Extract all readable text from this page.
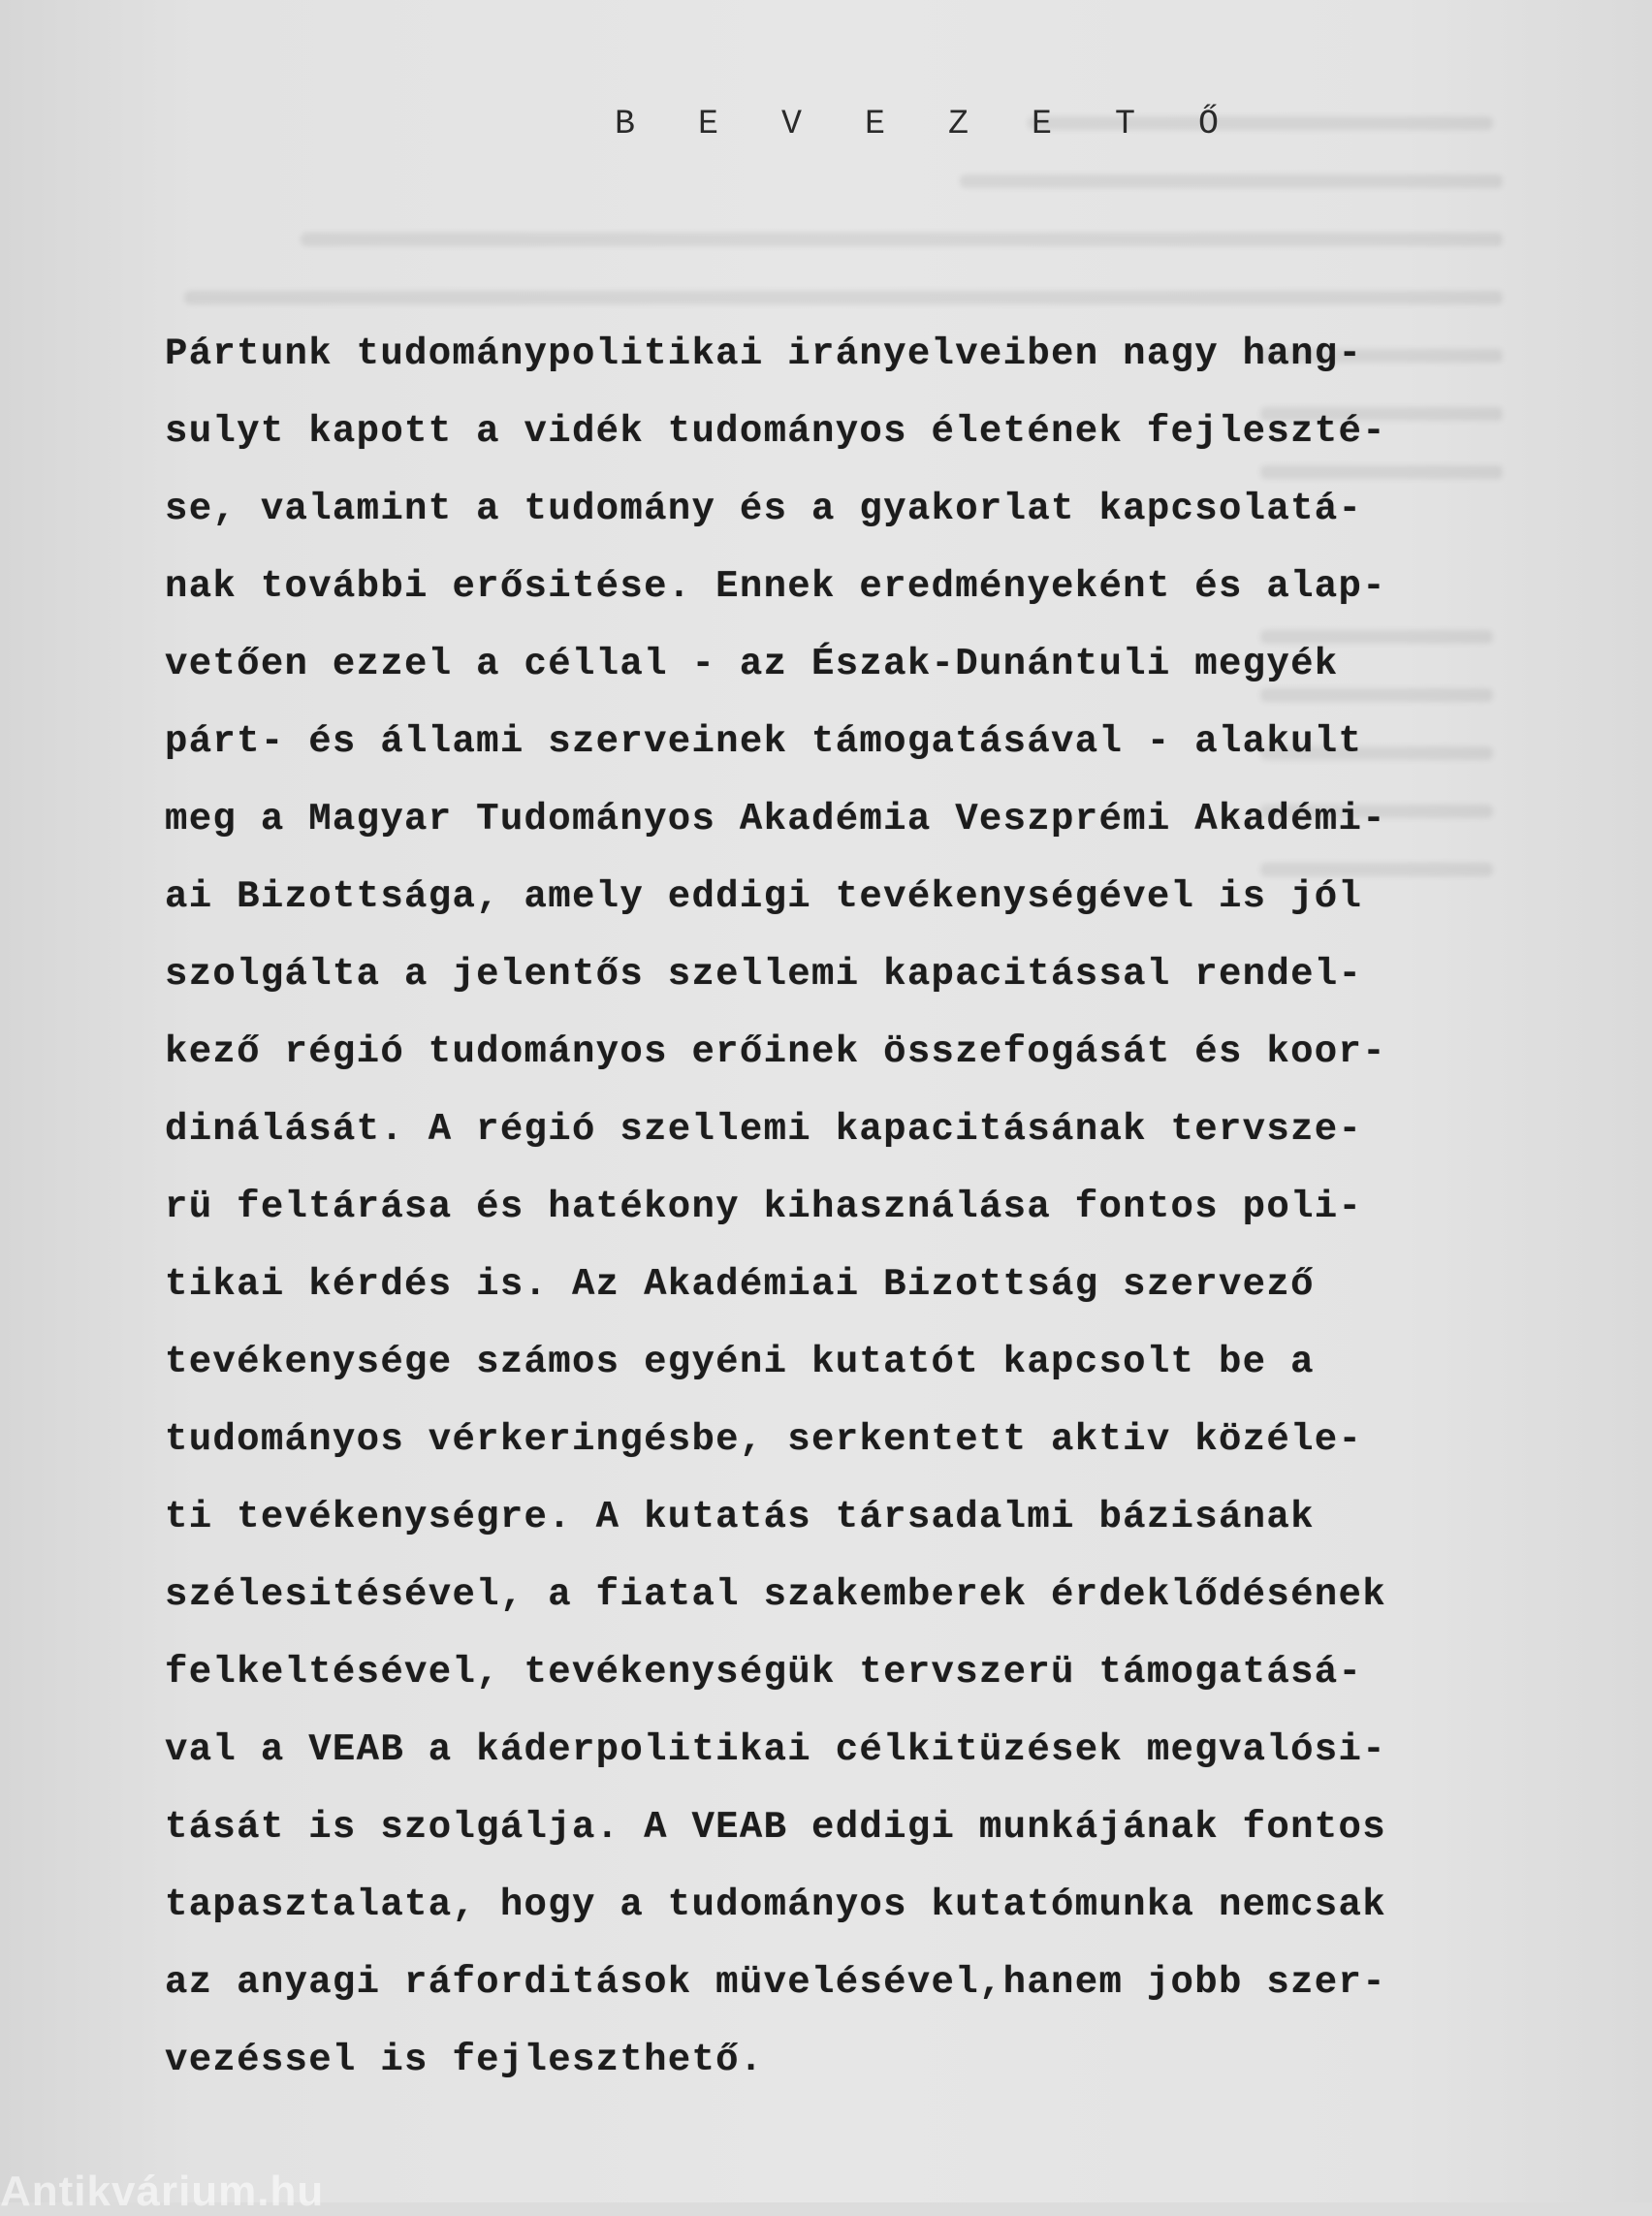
B E V E Z E T Ő
Pártunk tudománypolitikai irányelveiben nagy hang-
sulyt kapott a vidék tudományos életének fejleszté-
se, valamint a tudomány és a gyakorlat kapcsolatá-
nak további erősitése. Ennek eredményeként és alap-
vetően ezzel a céllal - az Észak-Dunántuli megyék
párt- és állami szerveinek támogatásával - alakult
meg a Magyar Tudományos Akadémia Veszprémi Akadémi-
ai Bizottsága, amely eddigi tevékenységével is jól
szolgálta a jelentős szellemi kapacitással rendel-
kező régió tudományos erőinek összefogását és koor-
dinálását. A régió szellemi kapacitásának tervsze-
rü feltárása és hatékony kihasználása fontos poli-
tikai kérdés is. Az Akadémiai Bizottság szervező
tevékenysége számos egyéni kutatót kapcsolt be a
tudományos vérkeringésbe, serkentett aktiv közéle-
ti tevékenységre. A kutatás társadalmi bázisának
szélesitésével, a fiatal szakemberek érdeklődésének
felkeltésével, tevékenységük tervszerü támogatásá-
val a VEAB a káderpolitikai célkitüzések megvalósi-
tását is szolgálja. A VEAB eddigi munkájának fontos
tapasztalata, hogy a tudományos kutatómunka nemcsak
az anyagi ráforditások müvelésével,hanem jobb szer-
vezéssel is fejleszthető.
Antikvárium.hu
